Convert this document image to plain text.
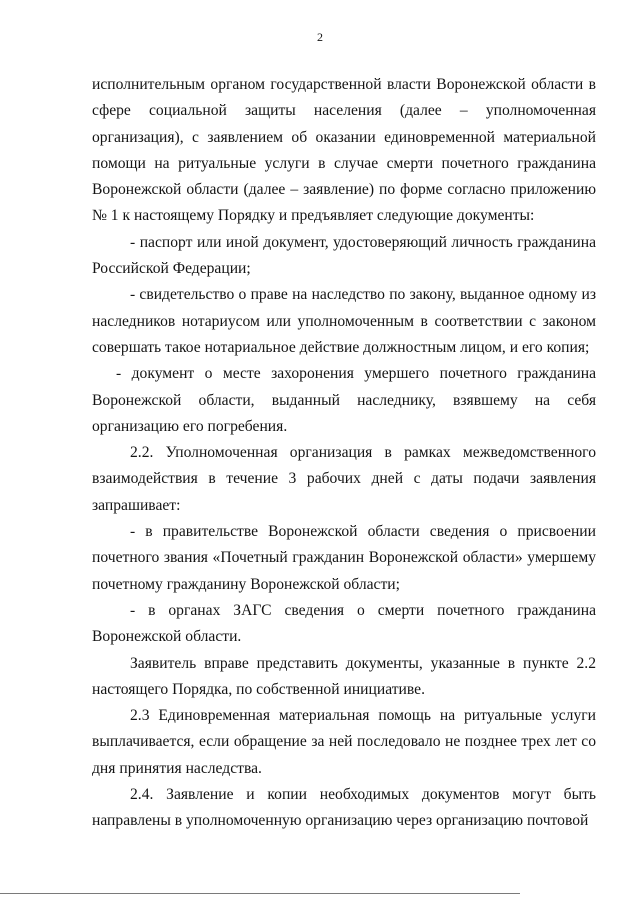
2

исполнительным органом государственной власти Воронежской области в сфере социальной защиты населения (далее – уполномоченная организация), с заявлением об оказании единовременной материальной помощи на ритуальные услуги в случае смерти почетного гражданина Воронежской области (далее – заявление) по форме согласно приложению № 1 к настоящему Порядку и предъявляет следующие документы:

- паспорт или иной документ, удостоверяющий личность гражданина Российской Федерации;

- свидетельство о праве на наследство по закону, выданное одному из наследников нотариусом или уполномоченным в соответствии с законом совершать такое нотариальное действие должностным лицом, и его копия;

- документ о месте захоронения умершего почетного гражданина Воронежской области, выданный наследнику, взявшему на себя организацию его погребения.

2.2. Уполномоченная организация в рамках межведомственного взаимодействия в течение 3 рабочих дней с даты подачи заявления запрашивает:

- в правительстве Воронежской области сведения о присвоении почетного звания «Почетный гражданин Воронежской области» умершему почетному гражданину Воронежской области;

- в органах ЗАГС сведения о смерти почетного гражданина Воронежской области.

Заявитель вправе представить документы, указанные в пункте 2.2 настоящего Порядка, по собственной инициативе.

2.3 Единовременная материальная помощь на ритуальные услуги выплачивается, если обращение за ней последовало не позднее трех лет со дня принятия наследства.

2.4. Заявление и копии необходимых документов могут быть направлены в уполномоченную организацию через организацию почтовой
